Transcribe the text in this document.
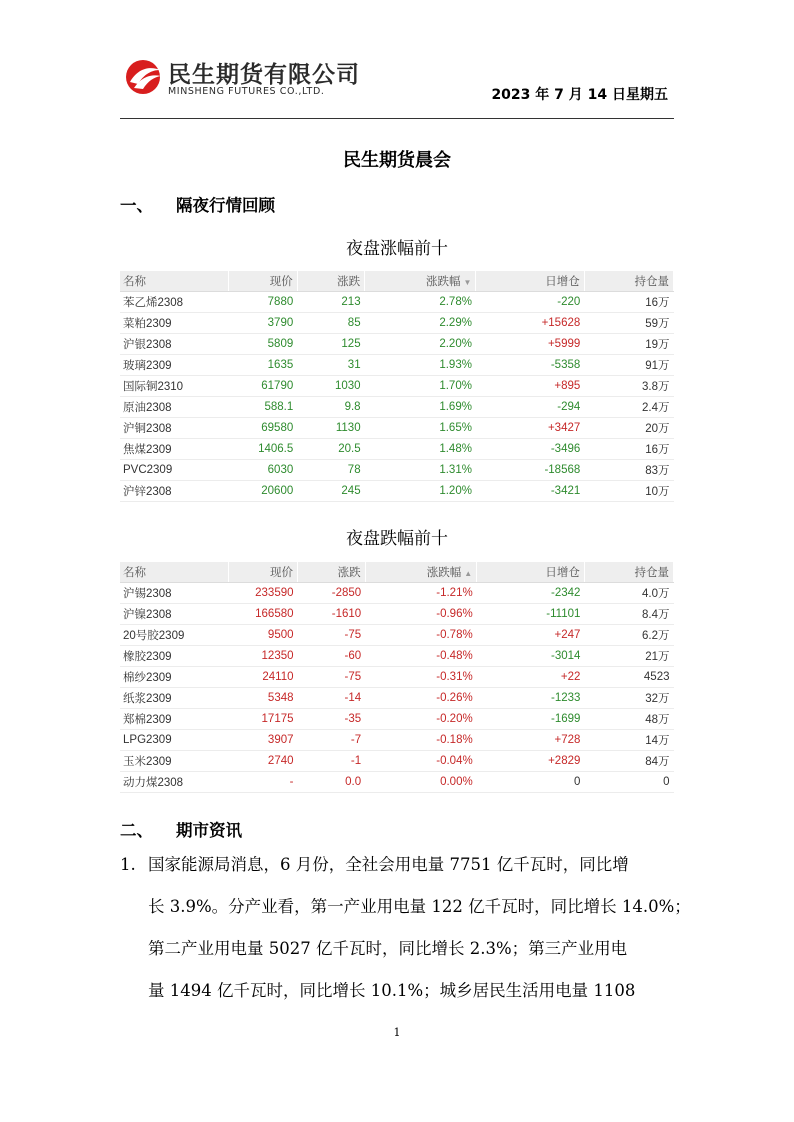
民生期货有限公司
MINSHENG FUTURES CO.,LTD.	2023 年 7 月 14 日星期五
民生期货晨会
一、 隔夜行情回顾
夜盘涨幅前十
名称	现价	涨跌	涨跌幅 ▼	日增仓	持仓量
苯乙烯2308	7880	213	2.78%	-220	16万
菜粕2309	3790	85	2.29%	+15628	59万
沪银2308	5809	125	2.20%	+5999	19万
玻璃2309	1635	31	1.93%	-5358	91万
国际铜2310	61790	1030	1.70%	+895	3.8万
原油2308	588.1	9.8	1.69%	-294	2.4万
沪铜2308	69580	1130	1.65%	+3427	20万
焦煤2309	1406.5	20.5	1.48%	-3496	16万
PVC2309	6030	78	1.31%	-18568	83万
沪锌2308	20600	245	1.20%	-3421	10万
夜盘跌幅前十
名称	现价	涨跌	涨跌幅 ▲	日增仓	持仓量
沪锡2308	233590	-2850	-1.21%	-2342	4.0万
沪镍2308	166580	-1610	-0.96%	-11101	8.4万
20号胶2309	9500	-75	-0.78%	+247	6.2万
橡胶2309	12350	-60	-0.48%	-3014	21万
棉纱2309	24110	-75	-0.31%	+22	4523
纸浆2309	5348	-14	-0.26%	-1233	32万
郑棉2309	17175	-35	-0.20%	-1699	48万
LPG2309	3907	-7	-0.18%	+728	14万
玉米2309	2740	-1	-0.04%	+2829	84万
动力煤2308	-	0.0	0.00%	0	0
二、 期市资讯
1. 国家能源局消息，6 月份，全社会用电量 7751 亿千瓦时，同比增
长 3.9%。分产业看，第一产业用电量 122 亿千瓦时，同比增长 14.0%；
第二产业用电量 5027 亿千瓦时，同比增长 2.3%；第三产业用电
量 1494 亿千瓦时，同比增长 10.1%；城乡居民生活用电量 1108
1
